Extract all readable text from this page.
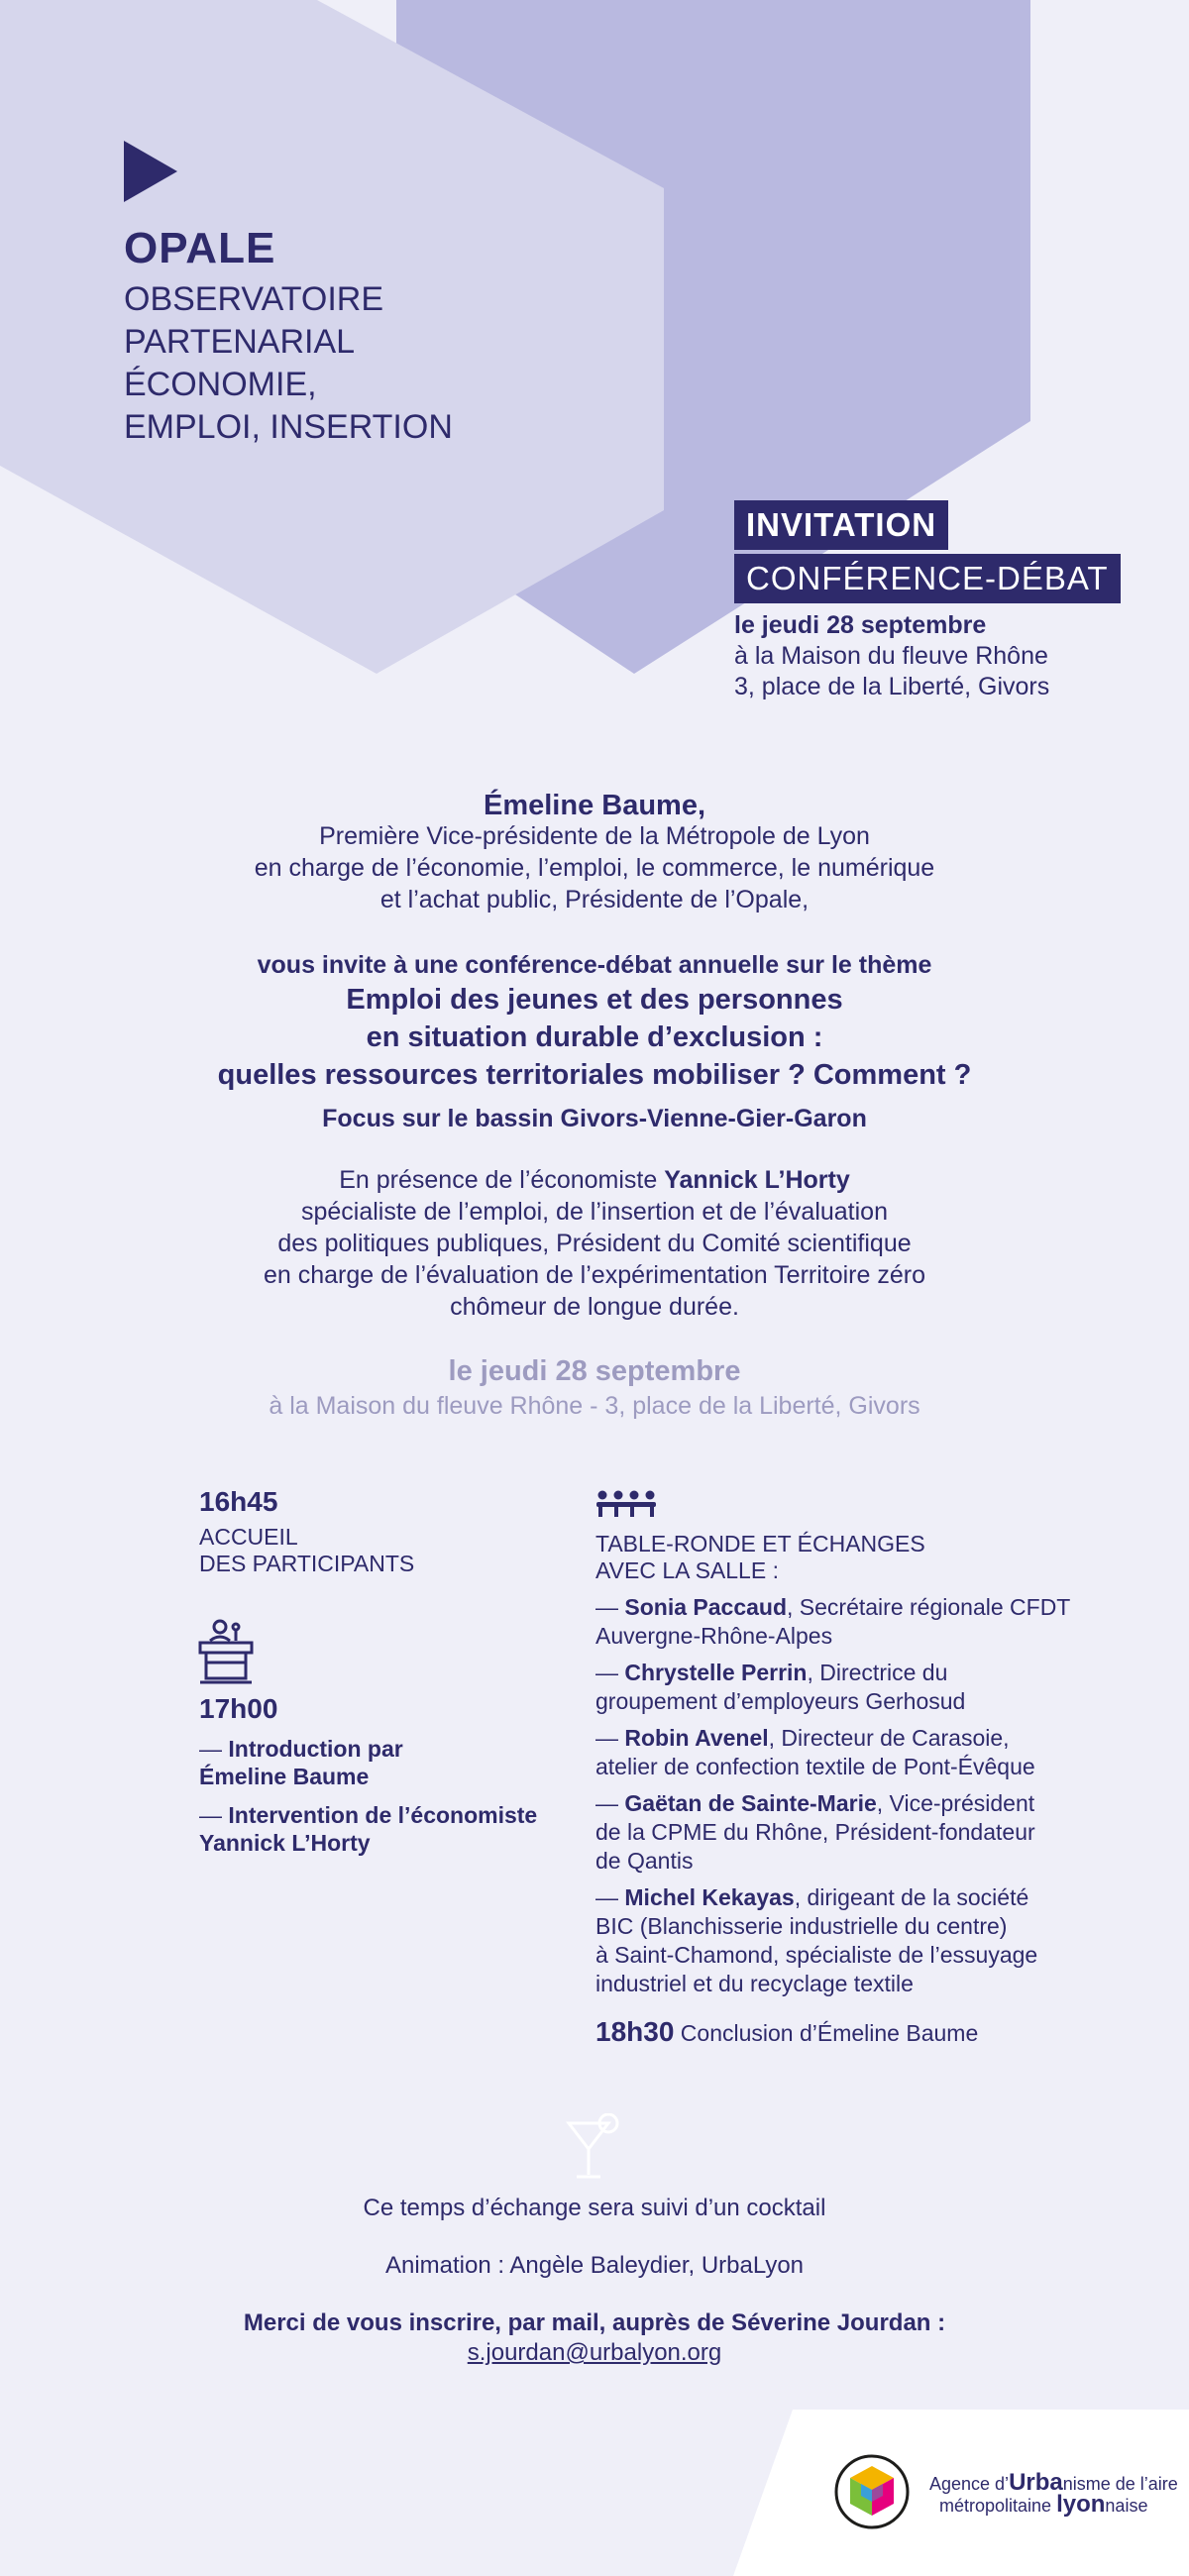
OPALE
OBSERVATOIRE
PARTENARIAL
ÉCONOMIE,
EMPLOI, INSERTION
INVITATION
CONFÉRENCE-DÉBAT
le jeudi 28 septembre
à la Maison du fleuve Rhône
3, place de la Liberté, Givors
Émeline Baume,
Première Vice-présidente de la Métropole de Lyon
en charge de l’économie, l’emploi, le commerce, le numérique
et l’achat public, Présidente de l’Opale,
vous invite à une conférence-débat annuelle sur le thème
Emploi des jeunes et des personnes
en situation durable d’exclusion :
quelles ressources territoriales mobiliser ? Comment ?
Focus sur le bassin Givors-Vienne-Gier-Garon
En présence de l’économiste Yannick L’Horty
spécialiste de l’emploi, de l’insertion et de l’évaluation
des politiques publiques, Président du Comité scientifique
en charge de l’évaluation de l’expérimentation Territoire zéro
chômeur de longue durée.
le jeudi 28 septembre
à la Maison du fleuve Rhône - 3, place de la Liberté, Givors
16h45
ACCUEIL
DES PARTICIPANTS
17h00
— Introduction par
Émeline Baume
— Intervention de l’économiste
Yannick L’Horty
TABLE-RONDE ET ÉCHANGES
AVEC LA SALLE :
— Sonia Paccaud, Secrétaire régionale CFDT
Auvergne-Rhône-Alpes
— Chrystelle Perrin, Directrice du
groupement d’employeurs Gerhosud
— Robin Avenel, Directeur de Carasoie,
atelier de confection textile de Pont-Évêque
— Gaëtan de Sainte-Marie, Vice-président
de la CPME du Rhône, Président-fondateur
de Qantis
— Michel Kekayas, dirigeant de la société
BIC (Blanchisserie industrielle du centre)
à Saint-Chamond, spécialiste de l’essuyage
industriel et du recyclage textile
18h30 Conclusion d’Émeline Baume
Ce temps d’échange sera suivi d’un cocktail
Animation : Angèle Baleydier, UrbaLyon
Merci de vous inscrire, par mail, auprès de Séverine Jourdan :
s.jourdan@urbalyon.org
Agence d’Urbanisme de l’aire
métropolitaine lyonnaise
